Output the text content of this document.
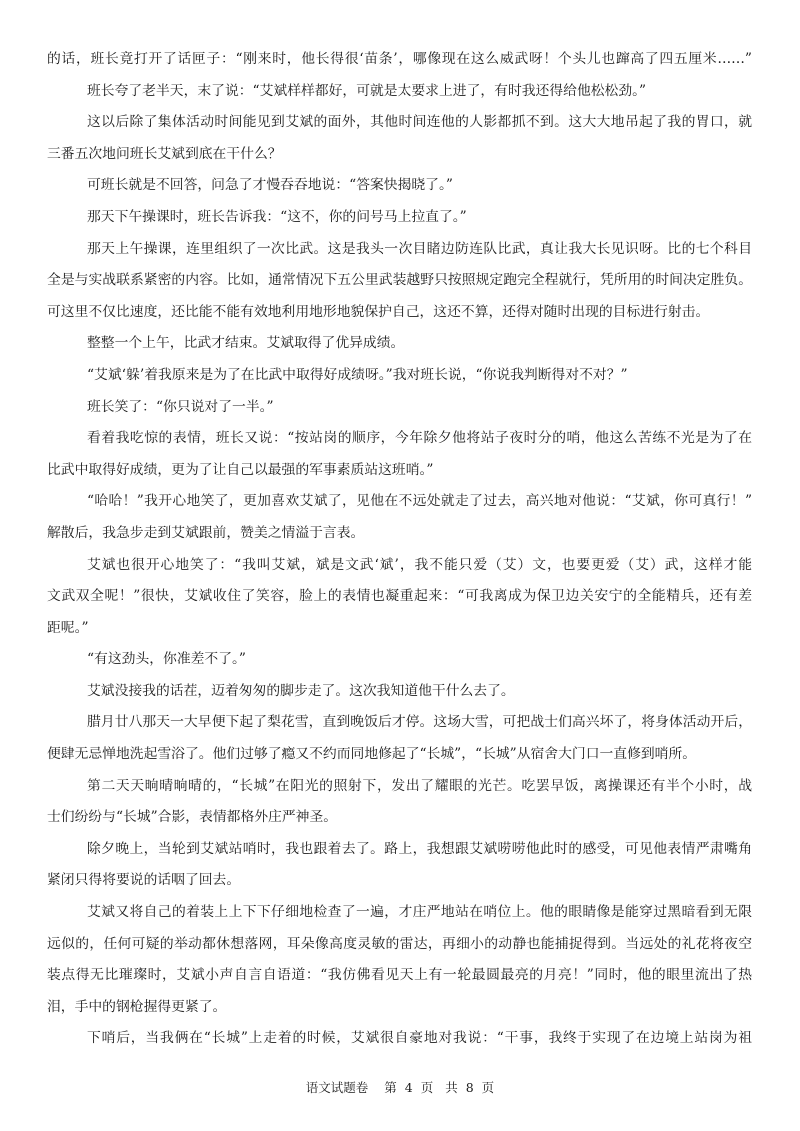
的话，班长竟打开了话匣子：“刚来时，他长得很‘苗条’，哪像现在这么威武呀！个头儿也蹿高了四五厘米……”

班长夸了老半天，末了说：“艾斌样样都好，可就是太要求上进了，有时我还得给他松松劲。”

这以后除了集体活动时间能见到艾斌的面外，其他时间连他的人影都抓不到。这大大地吊起了我的胃口，就
三番五次地问班长艾斌到底在干什么？

可班长就是不回答，问急了才慢吞吞地说：“答案快揭晓了。”

那天下午操课时，班长告诉我：“这不，你的问号马上拉直了。”

那天上午操课，连里组织了一次比武。这是我头一次目睹边防连队比武，真让我大长见识呀。比的七个科目
全是与实战联系紧密的内容。比如，通常情况下五公里武装越野只按照规定跑完全程就行，凭所用的时间决定胜负。
可这里不仅比速度，还比能不能有效地利用地形地貌保护自己，这还不算，还得对随时出现的目标进行射击。

整整一个上午，比武才结束。艾斌取得了优异成绩。

“艾斌‘躲’着我原来是为了在比武中取得好成绩呀。”我对班长说，“你说我判断得对不对？”

班长笑了：“你只说对了一半。”

看着我吃惊的表情，班长又说：“按站岗的顺序，今年除夕他将站子夜时分的哨，他这么苦练不光是为了在
比武中取得好成绩，更为了让自己以最强的军事素质站这班哨。”

“哈哈！”我开心地笑了，更加喜欢艾斌了，见他在不远处就走了过去，高兴地对他说：“艾斌，你可真行！”
解散后，我急步走到艾斌跟前，赞美之情溢于言表。

艾斌也很开心地笑了：“我叫艾斌，斌是文武‘斌’，我不能只爱（艾）文，也要更爱（艾）武，这样才能
文武双全呢！”很快，艾斌收住了笑容，脸上的表情也凝重起来：“可我离成为保卫边关安宁的全能精兵，还有差
距呢。”

“有这劲头，你准差不了。”

艾斌没接我的话茬，迈着匆匆的脚步走了。这次我知道他干什么去了。

腊月廿八那天一大早便下起了梨花雪，直到晚饭后才停。这场大雪，可把战士们高兴坏了，将身体活动开后，
便肆无忌惮地洗起雪浴了。他们过够了瘾又不约而同地修起了“长城”，“长城”从宿舍大门口一直修到哨所。

第二天天晌晴晌晴的，“长城”在阳光的照射下，发出了耀眼的光芒。吃罢早饭，离操课还有半个小时，战
士们纷纷与“长城”合影，表情都格外庄严神圣。

除夕晚上，当轮到艾斌站哨时，我也跟着去了。路上，我想跟艾斌唠唠他此时的感受，可见他表情严肃嘴角
紧闭只得将要说的话咽了回去。

艾斌又将自己的着装上上下下仔细地检查了一遍，才庄严地站在哨位上。他的眼睛像是能穿过黑暗看到无限
远似的，任何可疑的举动都休想落网，耳朵像高度灵敏的雷达，再细小的动静也能捕捉得到。当远处的礼花将夜空
装点得无比璀璨时，艾斌小声自言自语道：“我仿佛看见天上有一轮最圆最亮的月亮！”同时，他的眼里流出了热
泪，手中的钢枪握得更紧了。

下哨后，当我俩在“长城”上走着的时候，艾斌很自豪地对我说：“干事，我终于实现了在边境上站岗为祖

语文试题卷 第 4 页 共 8 页
